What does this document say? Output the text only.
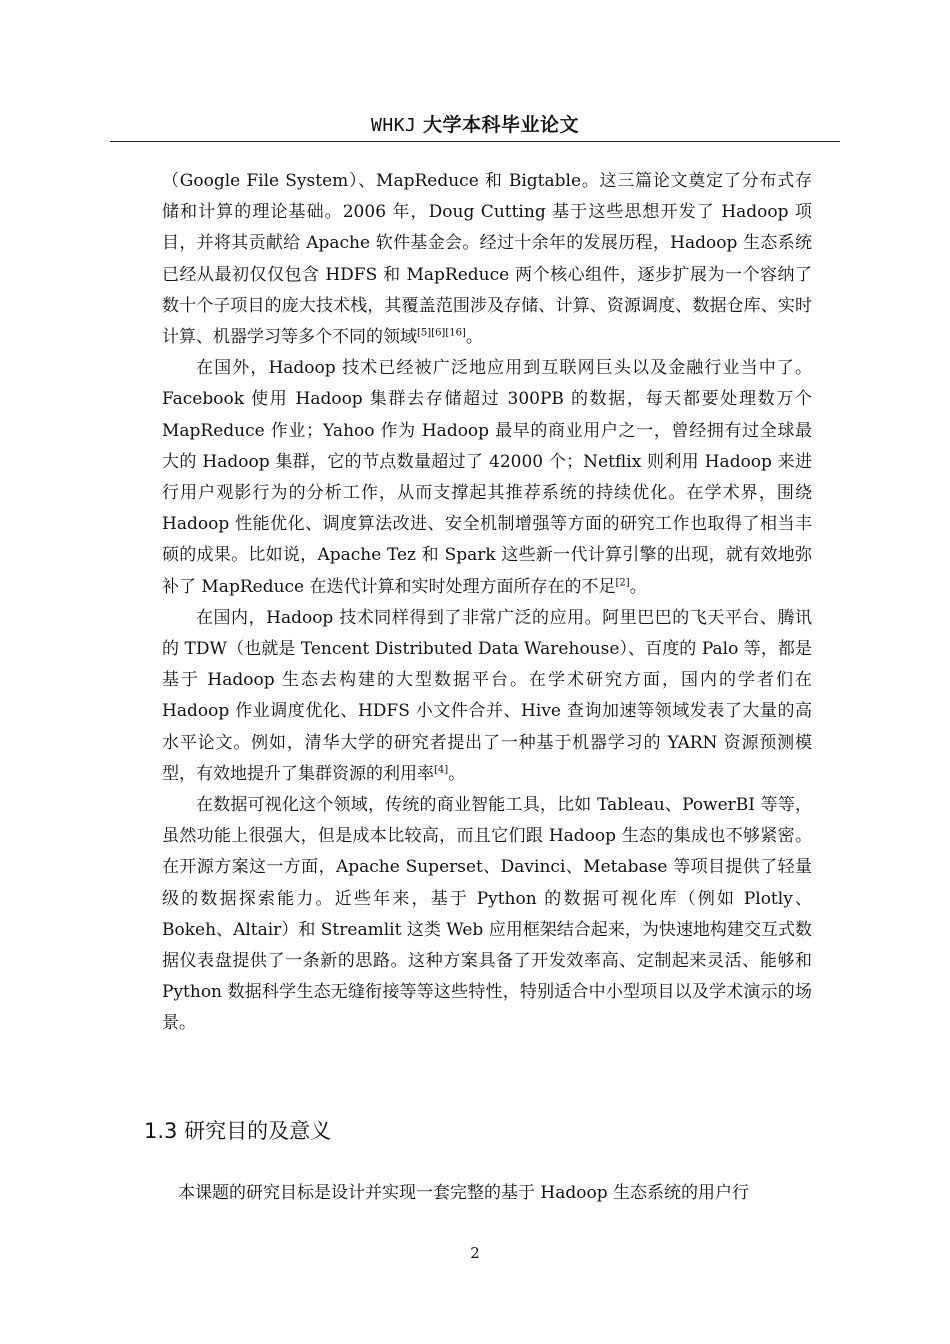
WHKJ 大学本科毕业论文

（Google File System）、MapReduce 和 Bigtable。这三篇论文奠定了分布式存储和计算的理论基础。2006 年，Doug Cutting 基于这些思想开发了 Hadoop 项目，并将其贡献给 Apache 软件基金会。经过十余年的发展历程，Hadoop 生态系统已经从最初仅仅包含 HDFS 和 MapReduce 两个核心组件，逐步扩展为一个容纳了数十个子项目的庞大技术栈，其覆盖范围涉及存储、计算、资源调度、数据仓库、实时计算、机器学习等多个不同的领域[5][6][16]。

在国外，Hadoop 技术已经被广泛地应用到互联网巨头以及金融行业当中了。Facebook 使用 Hadoop 集群去存储超过 300PB 的数据，每天都要处理数万个 MapReduce 作业；Yahoo 作为 Hadoop 最早的商业用户之一，曾经拥有过全球最大的 Hadoop 集群，它的节点数量超过了 42000 个；Netflix 则利用 Hadoop 来进行用户观影行为的分析工作，从而支撑起其推荐系统的持续优化。在学术界，围绕 Hadoop 性能优化、调度算法改进、安全机制增强等方面的研究工作也取得了相当丰硕的成果。比如说，Apache Tez 和 Spark 这些新一代计算引擎的出现，就有效地弥补了 MapReduce 在迭代计算和实时处理方面所存在的不足[2]。

在国内，Hadoop 技术同样得到了非常广泛的应用。阿里巴巴的飞天平台、腾讯的 TDW（也就是 Tencent Distributed Data Warehouse）、百度的 Palo 等，都是基于 Hadoop 生态去构建的大型数据平台。在学术研究方面，国内的学者们在 Hadoop 作业调度优化、HDFS 小文件合并、Hive 查询加速等领域发表了大量的高水平论文。例如，清华大学的研究者提出了一种基于机器学习的 YARN 资源预测模型，有效地提升了集群资源的利用率[4]。

在数据可视化这个领域，传统的商业智能工具，比如 Tableau、PowerBI 等等，虽然功能上很强大，但是成本比较高，而且它们跟 Hadoop 生态的集成也不够紧密。在开源方案这一方面，Apache Superset、Davinci、Metabase 等项目提供了轻量级的数据探索能力。近些年来，基于 Python 的数据可视化库（例如 Plotly、Bokeh、Altair）和 Streamlit 这类 Web 应用框架结合起来，为快速地构建交互式数据仪表盘提供了一条新的思路。这种方案具备了开发效率高、定制起来灵活、能够和 Python 数据科学生态无缝衔接等等这些特性，特别适合中小型项目以及学术演示的场景。

1.3 研究目的及意义
本课题的研究目标是设计并实现一套完整的基于 Hadoop 生态系统的用户行
2
